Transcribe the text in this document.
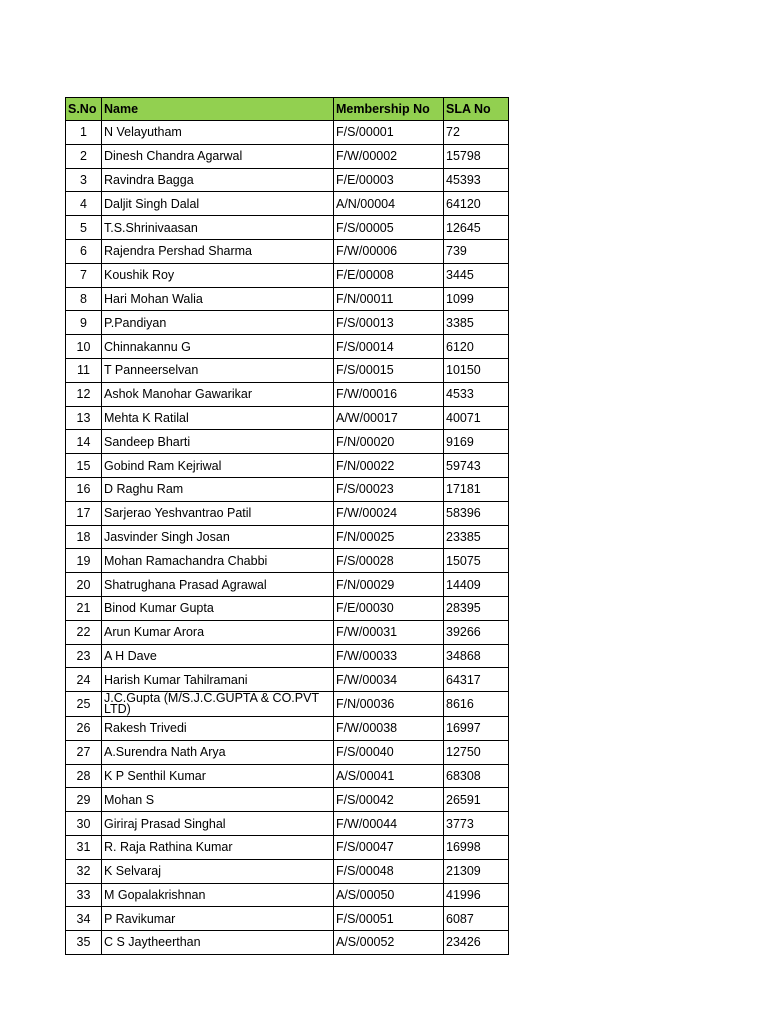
S.No	Name	Membership No	SLA No
1	N Velayutham	F/S/00001	72
2	Dinesh Chandra Agarwal	F/W/00002	15798
3	Ravindra Bagga	F/E/00003	45393
4	Daljit Singh Dalal	A/N/00004	64120
5	T.S.Shrinivaasan	F/S/00005	12645
6	Rajendra Pershad Sharma	F/W/00006	739
7	Koushik Roy	F/E/00008	3445
8	Hari Mohan Walia	F/N/00011	1099
9	P.Pandiyan	F/S/00013	3385
10	Chinnakannu G	F/S/00014	6120
11	T Panneerselvan	F/S/00015	10150
12	Ashok Manohar Gawarikar	F/W/00016	4533
13	Mehta K Ratilal	A/W/00017	40071
14	Sandeep Bharti	F/N/00020	9169
15	Gobind Ram Kejriwal	F/N/00022	59743
16	D Raghu Ram	F/S/00023	17181
17	Sarjerao Yeshvantrao Patil	F/W/00024	58396
18	Jasvinder Singh Josan	F/N/00025	23385
19	Mohan Ramachandra Chabbi	F/S/00028	15075
20	Shatrughana Prasad Agrawal	F/N/00029	14409
21	Binod Kumar Gupta	F/E/00030	28395
22	Arun Kumar Arora	F/W/00031	39266
23	A H Dave	F/W/00033	34868
24	Harish Kumar Tahilramani	F/W/00034	64317
25	J.C.Gupta (M/S.J.C.GUPTA & CO.PVT LTD)	F/N/00036	8616
26	Rakesh Trivedi	F/W/00038	16997
27	A.Surendra Nath Arya	F/S/00040	12750
28	K P Senthil Kumar	A/S/00041	68308
29	Mohan S	F/S/00042	26591
30	Giriraj Prasad Singhal	F/W/00044	3773
31	R. Raja Rathina Kumar	F/S/00047	16998
32	K Selvaraj	F/S/00048	21309
33	M Gopalakrishnan	A/S/00050	41996
34	P Ravikumar	F/S/00051	6087
35	C S Jaytheerthan	A/S/00052	23426
